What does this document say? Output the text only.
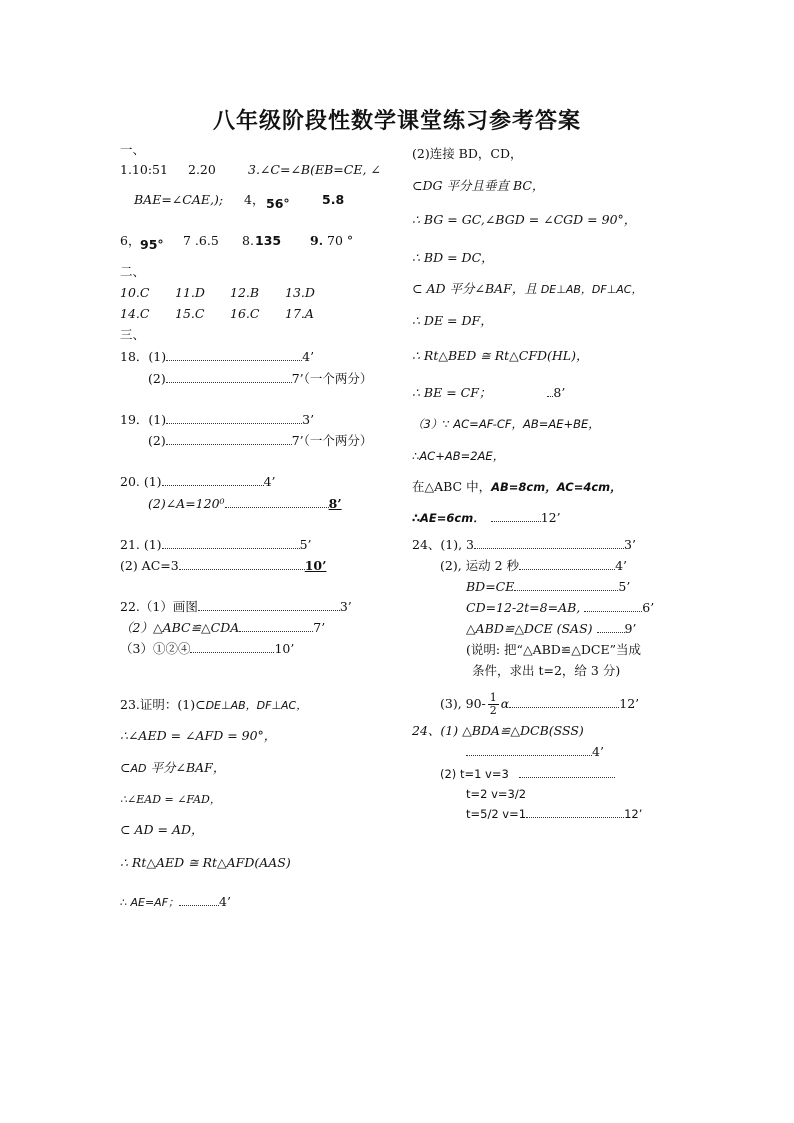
八年级阶段性数学课堂练习参考答案
一、
1.10:51 2.20	3.∠C=∠B(EB=CE, ∠
BAE=∠CAE,); 4， 56°	5.8
6， 95° 7 .6.5 8. 135 9. 70 °
二、
10.C 11.D 12.B 13.D
14.C 15.C 16.C 17.A
三、
18．(1)	4’
(2)	7’（一个两分）
19．(1)	3’
(2)	7’（一个两分）
20. (1)	4’
(2)∠A=120⁰	8’
21. (1)	5’
(2) AC=3	10’
22.（1）画图	3’
（2）△ABC≌△CDA	7’
（3）①②④	10’
23.证明：(1)⊂DE⊥AB，DF⊥AC，
∴∠AED = ∠AFD = 90°，
⊂AD 平分∠BAF，
∴∠EAD = ∠FAD，
⊂ AD = AD，
∴ Rt△AED ≅ Rt△AFD(AAS)
∴ AE=AF；	4’
(2)连接 BD，CD，
⊂DG 平分且垂直 BC，
∴ BG = GC,∠BGD = ∠CGD = 90°，
∴ BD = DC，
⊂ AD 平分∠BAF，且 DE⊥AB，DF⊥AC，
∴ DE = DF，
∴ Rt△BED ≅ Rt△CFD(HL)，
∴ BE = CF；	8’
（3）∵ AC=AF-CF，AB=AE+BE，
∴AC+AB=2AE，
在△ABC 中，AB=8cm，AC=4cm，
∴AE=6cm．	12’
24、(1), 3	3’
(2), 运动 2 秒	4’
BD=CE	5’
CD=12-2t=8=AB,	6’
△ABD≌△DCE (SAS)	9’
(说明: 把“△ABD≌△DCE”当成
条件，求出 t=2，给 3 分)
(3), $90- \frac{1}{2}$ α	12’
24、(1) △BDA≌△DCB(SSS)
4’
(2) t=1 v=3
t=2 v=3/2
t=5/2 v=1	12’
